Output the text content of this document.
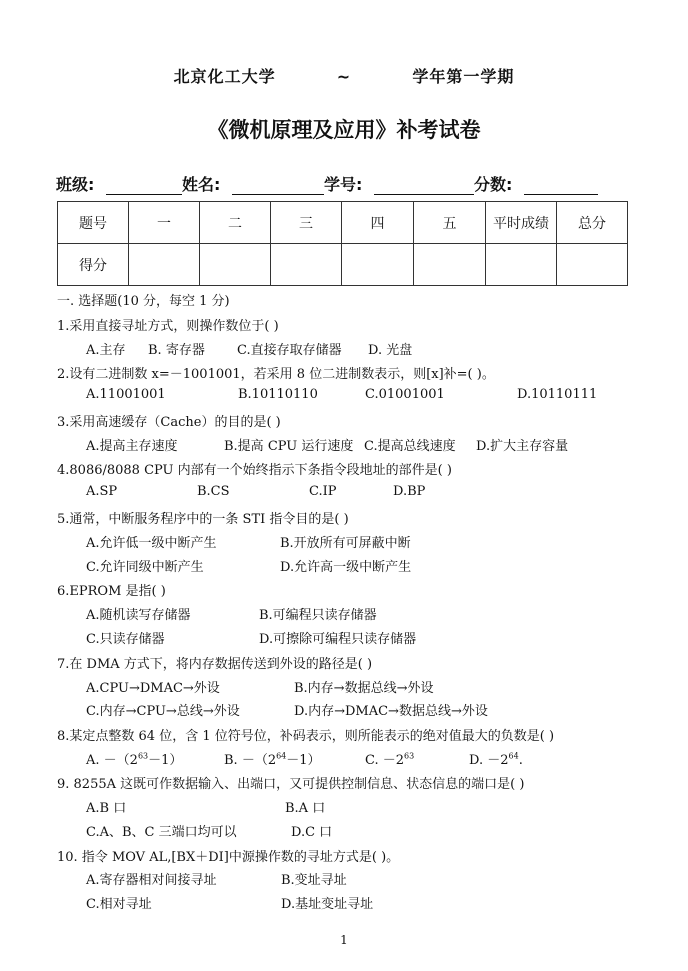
北京化工大学	~	学年第一学期
《微机原理及应用》补考试卷
班级:	姓名:	学号:	分数:
题号	一	二	三	四	五	平时成绩	总分
得分							
一. 选择题(10 分，每空 1 分)
1.采用直接寻址方式，则操作数位于( )
A.主存 B. 寄存器 C.直接存取存储器 D. 光盘
2.设有二进制数 x=－1001001，若采用 8 位二进制数表示，则[x]补=( )。
A.11001001	B.10110110	C.01001001	D.10110111
3.采用高速缓存（Cache）的目的是( )
A.提高主存速度	B.提高 CPU 运行速度 C.提高总线速度 D.扩大主存容量
4.8086/8088 CPU 内部有一个始终指示下条指令段地址的部件是( )
A.SP	B.CS	C.IP	D.BP
5.通常，中断服务程序中的一条 STI 指令目的是( )
A.允许低一级中断产生	B.开放所有可屏蔽中断
C.允许同级中断产生	D.允许高一级中断产生
6.EPROM 是指( )
A.随机读写存储器	B.可编程只读存储器
C.只读存储器	D.可擦除可编程只读存储器
7.在 DMA 方式下，将内存数据传送到外设的路径是( )
A.CPU→DMAC→外设	B.内存→数据总线→外设
C.内存→CPU→总线→外设	D.内存→DMAC→数据总线→外设
8.某定点整数 64 位，含 1 位符号位，补码表示，则所能表示的绝对值最大的负数是( )
A. $-(2^{63}-1)$	B. $-(2^{64}-1)$	C. $-2^{63}$	D. $-2^{64}$.
9. 8255A 这既可作数据输入、出端口，又可提供控制信息、状态信息的端口是( )
A.B 口	B.A 口
C.A、B、C 三端口均可以	D.C 口
10. 指令 MOV AL,[BX＋DI]中源操作数的寻址方式是( )。
A.寄存器相对间接寻址	B.变址寻址
C.相对寻址	D.基址变址寻址
1
